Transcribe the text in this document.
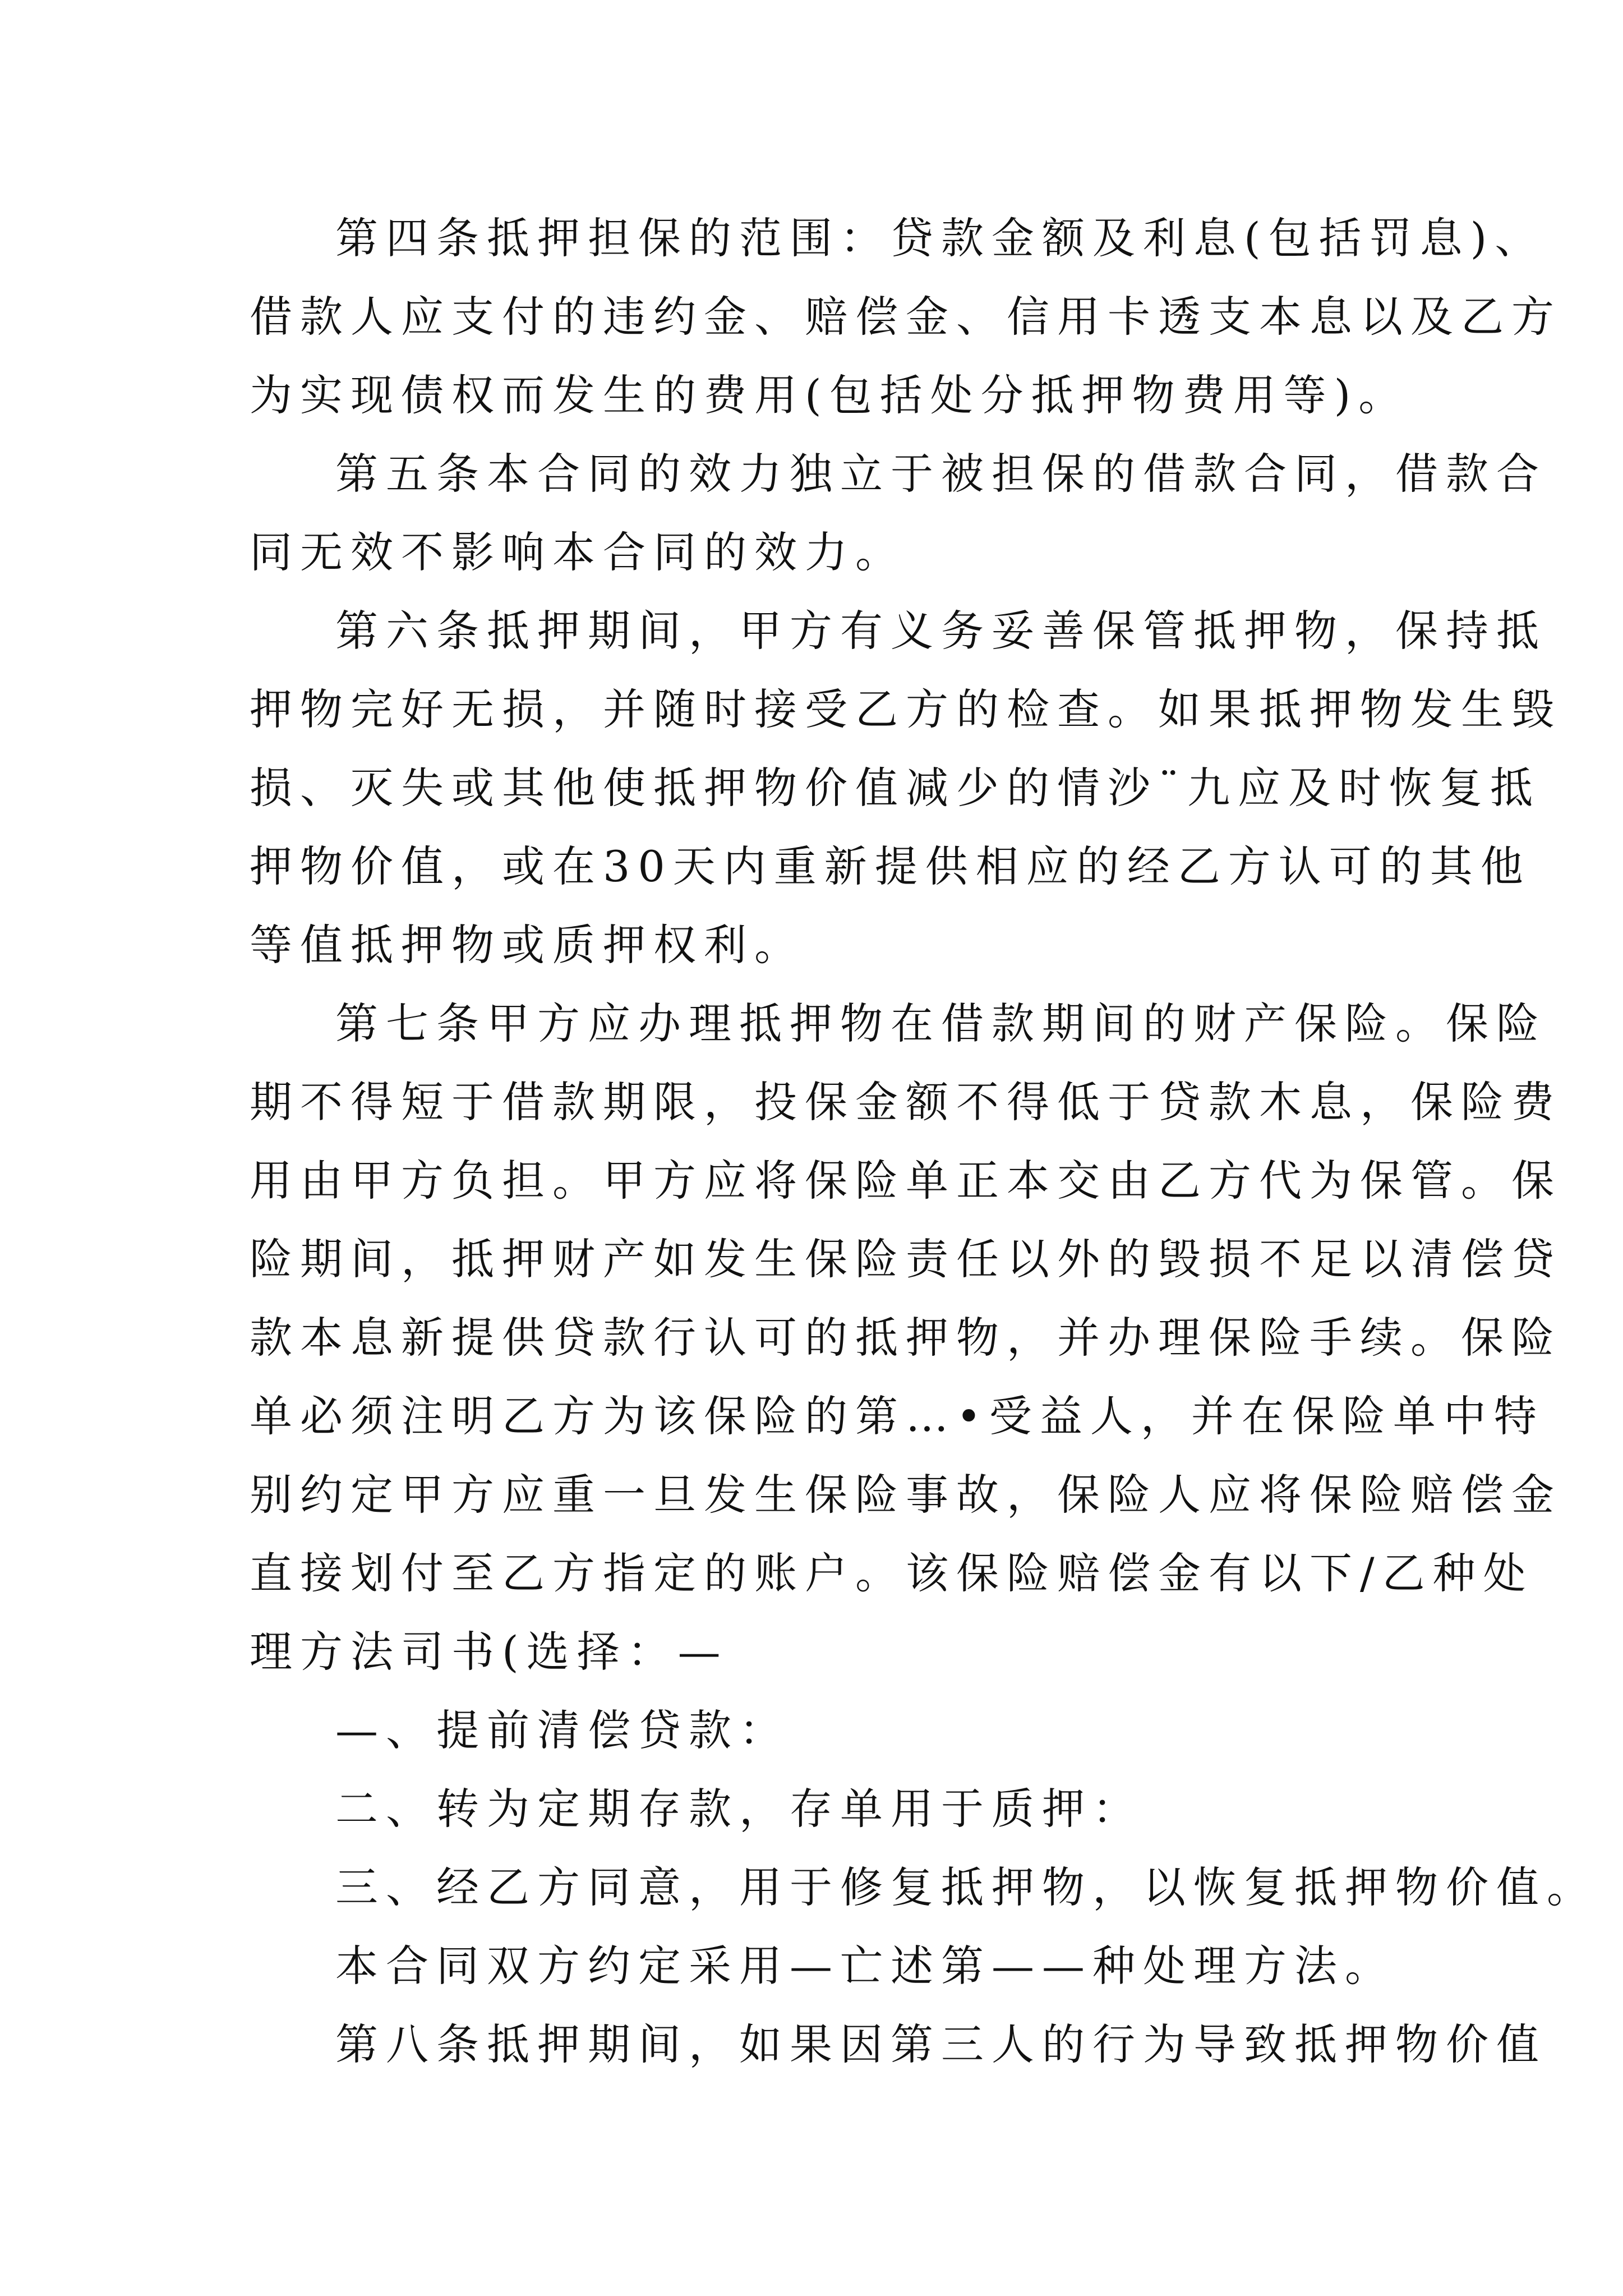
第四条抵押担保的范围：贷款金额及利息(包括罚息)、
借款人应支付的违约金、赔偿金、信用卡透支本息以及乙方
为实现债权而发生的费用(包括处分抵押物费用等)。
第五条本合同的效力独立于被担保的借款合同，借款合
同无效不影响本合同的效力。
第六条抵押期间，甲方有义务妥善保管抵押物，保持抵
押物完好无损，并随时接受乙方的检查。如果抵押物发生毁
损、灭失或其他使抵押物价值减少的情沙¨九应及时恢复抵
押物价值，或在30天内重新提供相应的经乙方认可的其他
等值抵押物或质押权利。
第七条甲方应办理抵押物在借款期间的财产保险。保险
期不得短于借款期限，投保金额不得低于贷款木息，保险费
用由甲方负担。甲方应将保险单正本交由乙方代为保管。保
险期间，抵押财产如发生保险责任以外的毁损不足以清偿贷
款本息新提供贷款行认可的抵押物，并办理保险手续。保险
单必须注明乙方为该保险的第…•受益人，并在保险单中特
别约定甲方应重一旦发生保险事故，保险人应将保险赔偿金
直接划付至乙方指定的账户。该保险赔偿金有以下/乙种处
理方法司书(选择：—
—、提前清偿贷款：
二、转为定期存款，存单用于质押：
三、经乙方同意，用于修复抵押物，以恢复抵押物价值。
本合同双方约定采用—亡述第——种处理方法。
第八条抵押期间，如果因第三人的行为导致抵押物价值
